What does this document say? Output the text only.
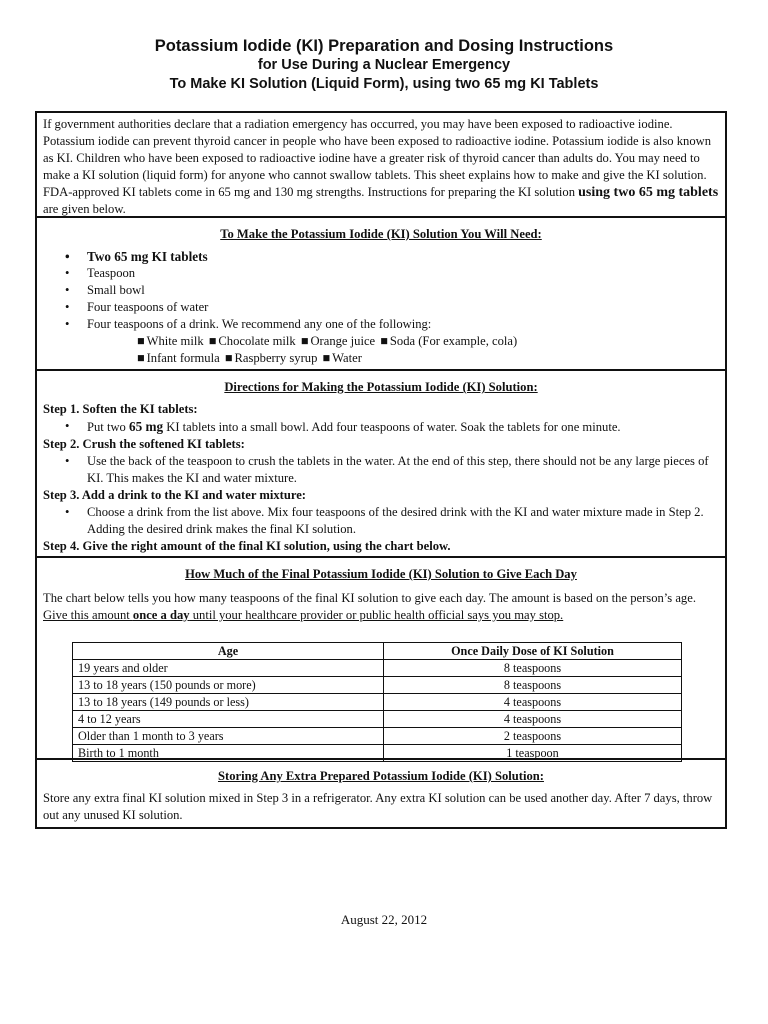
Potassium Iodide (KI) Preparation and Dosing Instructions
for Use During a Nuclear Emergency
To Make KI Solution (Liquid Form), using two 65 mg KI Tablets

If government authorities declare that a radiation emergency has occurred, you may have been exposed to radioactive iodine. Potassium iodide can prevent thyroid cancer in people who have been exposed to radioactive iodine. Potassium iodide is also known as KI. Children who have been exposed to radioactive iodine have a greater risk of thyroid cancer than adults do. You may need to make a KI solution (liquid form) for anyone who cannot swallow tablets. This sheet explains how to make and give the KI solution. FDA-approved KI tablets come in 65 mg and 130 mg strengths. Instructions for preparing the KI solution using two 65 mg tablets are given below.

To Make the Potassium Iodide (KI) Solution You Will Need:
• Two 65 mg KI tablets
• Teaspoon
• Small bowl
• Four teaspoons of water
• Four teaspoons of a drink. We recommend any one of the following:
■ White milk ■ Chocolate milk ■ Orange juice ■ Soda (For example, cola)
■ Infant formula ■ Raspberry syrup ■ Water
Directions for Making the Potassium Iodide (KI) Solution:

Step 1. Soften the KI tablets:

• Put two 65 mg KI tablets into a small bowl. Add four teaspoons of water. Soak the tablets for one minute.

Step 2. Crush the softened KI tablets:

• Use the back of the teaspoon to crush the tablets in the water. At the end of this step, there should not be any large pieces of KI. This makes the KI and water mixture.

Step 3. Add a drink to the KI and water mixture:

• Choose a drink from the list above. Mix four teaspoons of the desired drink with the KI and water mixture made in Step 2. Adding the desired drink makes the final KI solution.

Step 4. Give the right amount of the final KI solution, using the chart below.

How Much of the Final Potassium Iodide (KI) Solution to Give Each Day

The chart below tells you how many teaspoons of the final KI solution to give each day. The amount is based on the person’s age. Give this amount once a day until your healthcare provider or public health official says you may stop.

Age	Once Daily Dose of KI Solution
19 years and older	8 teaspoons
13 to 18 years (150 pounds or more)	8 teaspoons
13 to 18 years (149 pounds or less)	4 teaspoons
4 to 12 years	4 teaspoons
Older than 1 month to 3 years	2 teaspoons
Birth to 1 month	1 teaspoon
Storing Any Extra Prepared Potassium Iodide (KI) Solution:

Store any extra final KI solution mixed in Step 3 in a refrigerator. Any extra KI solution can be used another day. After 7 days, throw out any unused KI solution.

August 22, 2012
